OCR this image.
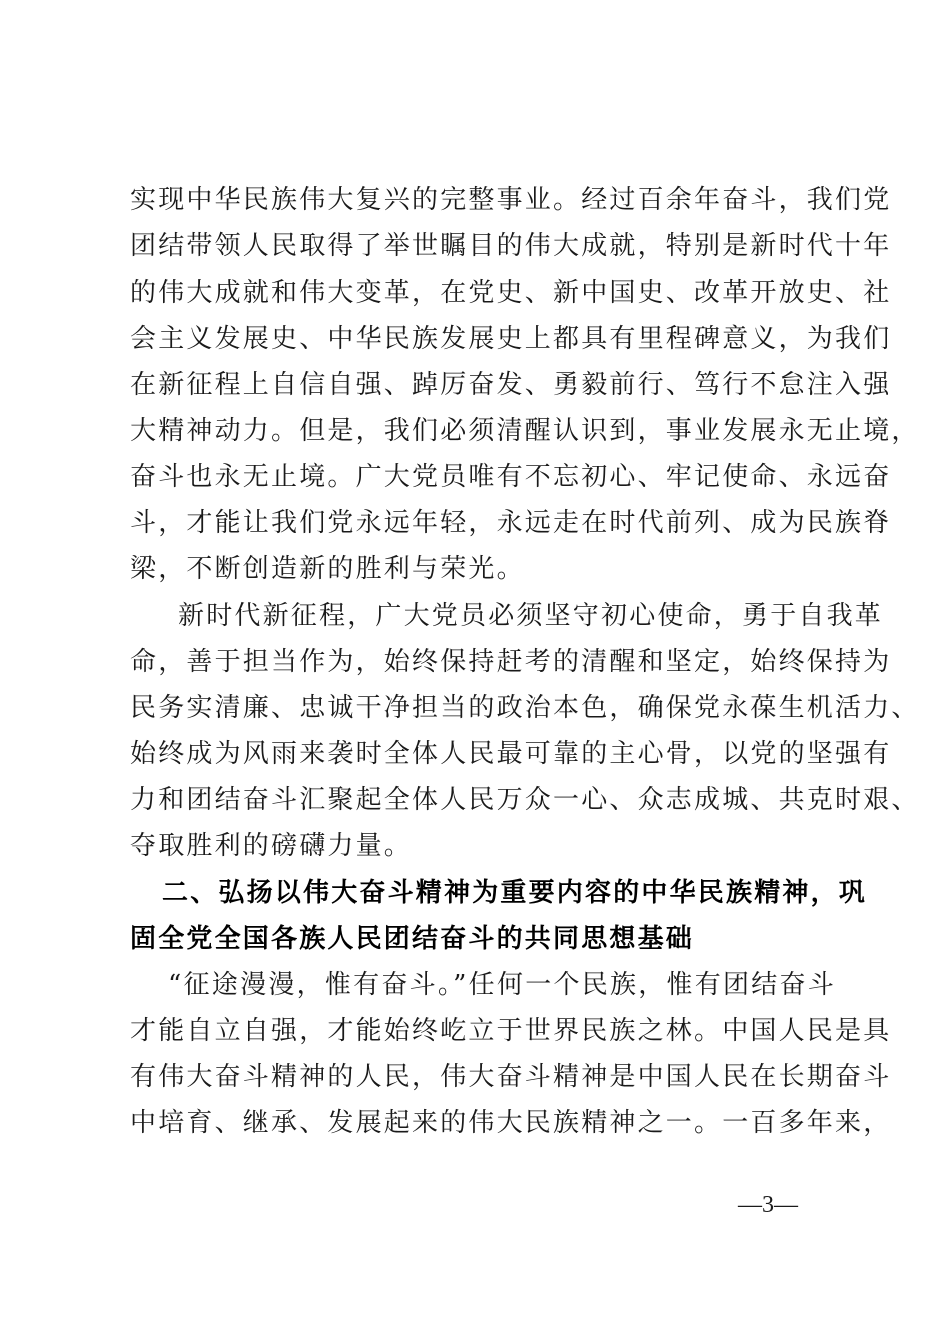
实现中华民族伟大复兴的完整事业。经过百余年奋斗，我们党
团结带领人民取得了举世瞩目的伟大成就，特别是新时代十年
的伟大成就和伟大变革，在党史、新中国史、改革开放史、社
会主义发展史、中华民族发展史上都具有里程碑意义，为我们
在新征程上自信自强、踔厉奋发、勇毅前行、笃行不怠注入强
大精神动力。但是，我们必须清醒认识到，事业发展永无止境，
奋斗也永无止境。广大党员唯有不忘初心、牢记使命、永远奋
斗，才能让我们党永远年轻，永远走在时代前列、成为民族脊
梁，不断创造新的胜利与荣光。
新时代新征程，广大党员必须坚守初心使命，勇于自我革
命，善于担当作为，始终保持赶考的清醒和坚定，始终保持为
民务实清廉、忠诚干净担当的政治本色，确保党永葆生机活力、
始终成为风雨来袭时全体人民最可靠的主心骨，以党的坚强有
力和团结奋斗汇聚起全体人民万众一心、众志成城、共克时艰、
夺取胜利的磅礴力量。
二、弘扬以伟大奋斗精神为重要内容的中华民族精神，巩
固全党全国各族人民团结奋斗的共同思想基础
“征途漫漫，惟有奋斗。”任何一个民族，惟有团结奋斗
才能自立自强，才能始终屹立于世界民族之林。中国人民是具
有伟大奋斗精神的人民，伟大奋斗精神是中国人民在长期奋斗
中培育、继承、发展起来的伟大民族精神之一。一百多年来，
—3—
